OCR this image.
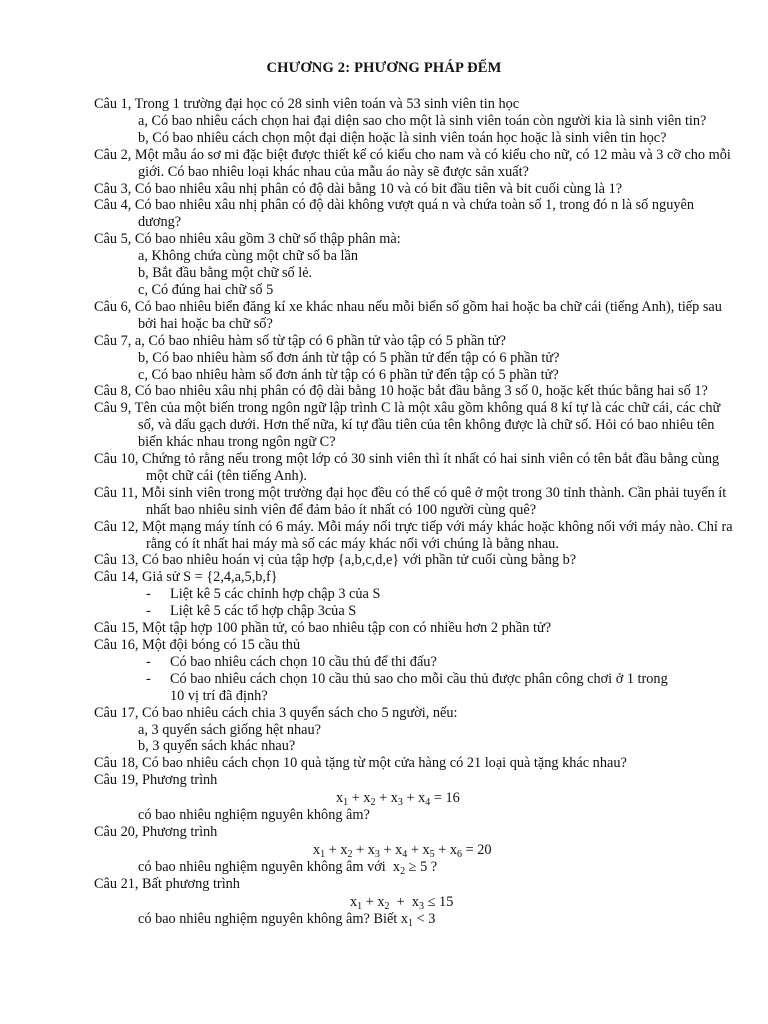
CHƯƠNG 2: PHƯƠNG PHÁP ĐẾM

Câu 1, Trong 1 trường đại học có 28 sinh viên toán và 53 sinh viên tin học

a, Có bao nhiêu cách chọn hai đại diện sao cho một là sinh viên toán còn người kia là sinh viên tin?

b, Có bao nhiêu cách chọn một đại diện hoặc là sinh viên toán học hoặc là sinh viên tin học?

Câu 2, Một mẫu áo sơ mi đặc biệt được thiết kế có kiểu cho nam và có kiểu cho nữ, có 12 màu và 3 cỡ cho mỗi giới. Có bao nhiêu loại khác nhau của mẫu áo này sẽ được sản xuất?

Câu 3, Có bao nhiêu xâu nhị phân có độ dài bằng 10 và có bit đầu tiên và bit cuối cùng là 1?

Câu 4, Có bao nhiêu xâu nhị phân có độ dài không vượt quá n và chứa toàn số 1, trong đó n là số nguyên dương?

Câu 5, Có bao nhiêu xâu gồm 3 chữ số thập phân mà:

a, Không chứa cùng một chữ số ba lần

b, Bắt đầu bằng một chữ số lẻ.

c, Có đúng hai chữ số 5

Câu 6, Có bao nhiêu biển đăng kí xe khác nhau nếu mỗi biển số gồm hai hoặc ba chữ cái (tiếng Anh), tiếp sau bởi hai hoặc ba chữ số?

Câu 7, a, Có bao nhiêu hàm số từ tập có 6 phần tử vào tập có 5 phần tử?

b, Có bao nhiêu hàm số đơn ánh từ tập có 5 phần tử đến tập có 6 phần tử?

c, Có bao nhiêu hàm số đơn ánh từ tập có 6 phần tử đến tập có 5 phần tử?

Câu 8, Có bao nhiêu xâu nhị phân có độ dài bằng 10 hoặc bắt đầu bằng 3 số 0, hoặc kết thúc bằng hai số 1?

Câu 9, Tên của một biến trong ngôn ngữ lập trình C là một xâu gồm không quá 8 kí tự là các chữ cái, các chữ số, và dấu gạch dưới. Hơn thế nữa, kí tự đầu tiên của tên không được là chữ số. Hỏi có bao nhiêu tên biến khác nhau trong ngôn ngữ C?

Câu 10, Chứng tỏ rằng nếu trong một lớp có 30 sinh viên thì ít nhất có hai sinh viên có tên bắt đầu bằng cùng một chữ cái (tên tiếng Anh).

Câu 11, Mỗi sinh viên trong một trường đại học đều có thể có quê ở một trong 30 tỉnh thành. Cần phải tuyển ít nhất bao nhiêu sinh viên để đảm bảo ít nhất có 100 người cùng quê?

Câu 12, Một mạng máy tính có 6 máy. Mỗi máy nối trực tiếp với máy khác hoặc không nối với máy nào. Chỉ ra rằng có ít nhất hai máy mà số các máy khác nối với chúng là bằng nhau.

Câu 13, Có bao nhiêu hoán vị của tập hợp {a,b,c,d,e} với phần tử cuối cùng bằng b?

Câu 14, Giả sử S = {2,4,a,5,b,f}

- Liệt kê 5 các chỉnh hợp chập 3 của S

- Liệt kê 5 các tổ hợp chập 3của S

Câu 15, Một tập hợp 100 phần tử, có bao nhiêu tập con có nhiều hơn 2 phần tử?

Câu 16, Một đội bóng có 15 cầu thủ

- Có bao nhiêu cách chọn 10 cầu thủ để thi đấu?

- Có bao nhiêu cách chọn 10 cầu thủ sao cho mỗi cầu thủ được phân công chơi ở 1 trong

10 vị trí đã định?

Câu 17, Có bao nhiêu cách chia 3 quyển sách cho 5 người, nếu:

a, 3 quyển sách giống hệt nhau?

b, 3 quyển sách khác nhau?

Câu 18, Có bao nhiêu cách chọn 10 quà tặng từ một cửa hàng có 21 loại quà tặng khác nhau?

Câu 19, Phương trình

$x_1 + x_2 + x_3 + x_4 = 16$

có bao nhiêu nghiệm nguyên không âm?

Câu 20, Phương trình

$x_1 + x_2 + x_3 + x_4 + x_5 + x_6 = 20$

có bao nhiêu nghiệm nguyên không âm với  $x_2 \ge 5$ ?

Câu 21, Bất phương trình

$x_1 + x_2 + x_3 \le 15$

có bao nhiêu nghiệm nguyên không âm? Biết $x_1 < 3$
